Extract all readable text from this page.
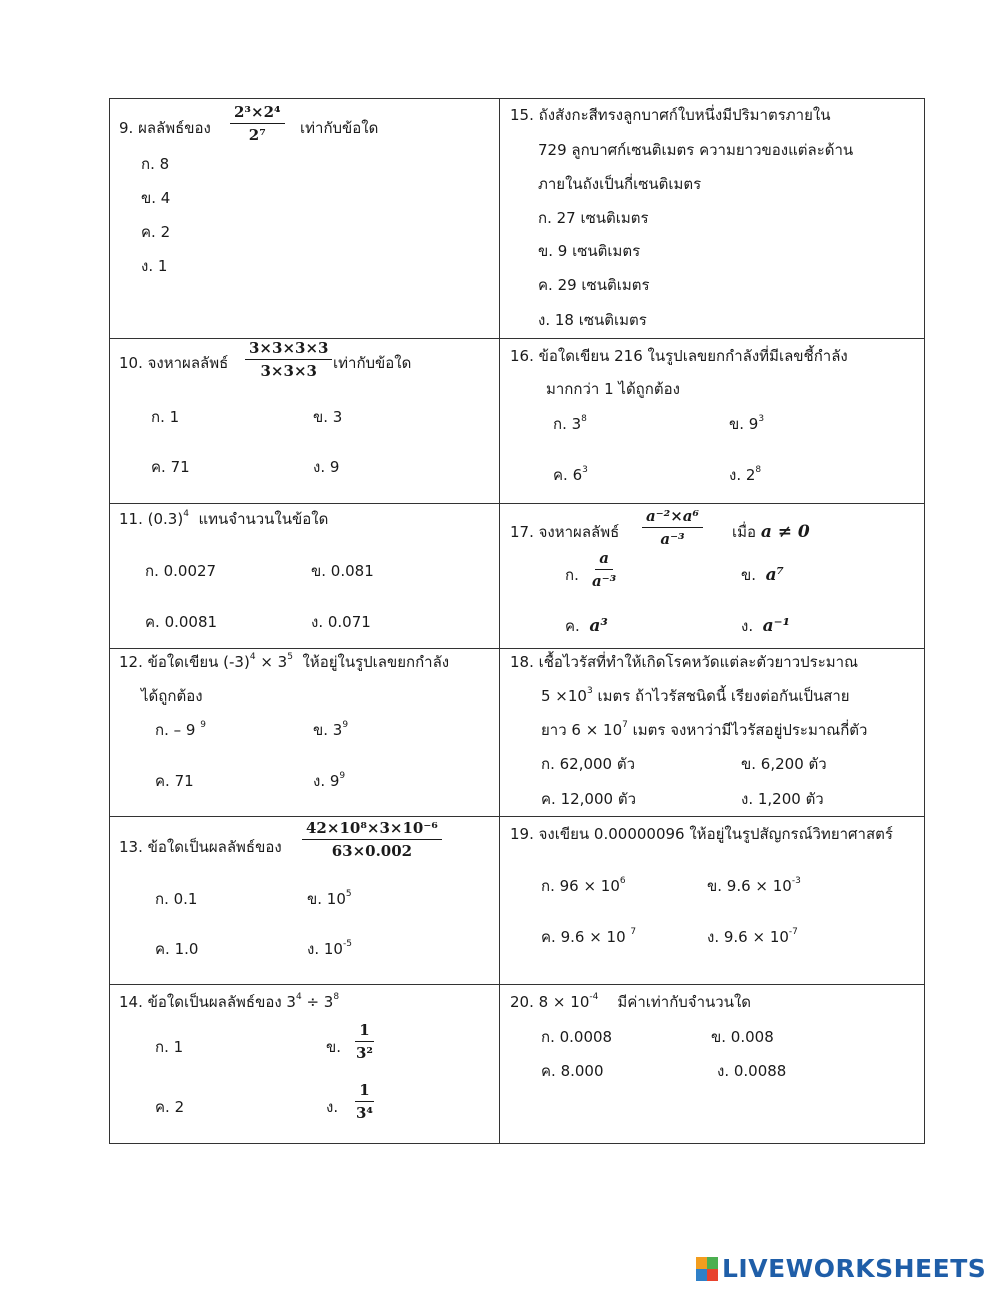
9. ผลลัพธ์ของ $\frac{\text{2³×2⁴}}{\text{2⁷}}$ เท่ากับข้อใด
ก. 8
ข. 4
ค. 2
ง. 1
15. ถังสังกะสีทรงลูกบาศก์ใบหนึ่งมีปริมาตรภายใน
729 ลูกบาศก์เซนติเมตร ความยาวของแต่ละด้าน
ภายในถังเป็นกี่เซนติเมตร
ก. 27 เซนติเมตร
ข. 9 เซนติเมตร
ค. 29 เซนติเมตร
ง. 18 เซนติเมตร
10. จงหาผลลัพธ์ $\frac{3\times 3\times 3\times 3}{3\times 3\times 3}$ เท่ากับข้อใด
ก. 1	ข. 3
ค. 71	ง. 9
16. ข้อใดเขียน 216 ในรูปเลขยกกำลังที่มีเลขชี้กำลัง
มากกว่า 1 ได้ถูกต้อง
ก. $3^8$	ข. $9^3$
ค. $6^3$	ง. $2^8$
11. $(0.3)^4$ แทนจำนวนในข้อใด
ก. 0.0027	ข. 0.081
ค. 0.0081	ง. 0.071
17. จงหาผลลัพธ์ $\frac{\text{a⁻²×a⁶}}{\text{a⁻³}}$ เมื่อ a ≠ 0
ก. $\frac{a}{\text{a⁻³}}$	ข. a⁷
ค. a³	ง. a⁻¹
12. ข้อใดเขียน $(-3)^4 \times 3^5$ ให้อยู่ในรูปเลขยกกำลัง
ได้ถูกต้อง
ก. – 9 $^9$	ข. $3^9$
ค. 71	ง. $9^9$
18. เชื้อไวรัสที่ทำให้เกิดโรคหวัดแต่ละตัวยาวประมาณ
$5 \times 10^3$ เมตร ถ้าไวรัสชนิดนี้ เรียงต่อกันเป็นสาย
ยาว $6 \times 10^7$ เมตร จงหาว่ามีไวรัสอยู่ประมาณกี่ตัว
ก. 62,000 ตัว	ข. 6,200 ตัว
ค. 12,000 ตัว	ง. 1,200 ตัว
13. ข้อใดเป็นผลลัพธ์ของ $\frac{\text{42×10⁸×3×10⁻⁶}}{63\times 0.002}$
ก. 0.1	ข. $10^5$
ค. 1.0	ง. $10^{-5}$
19. จงเขียน 0.00000096 ให้อยู่ในรูปสัญกรณ์วิทยาศาสตร์
ก. $96 \times 10^6$	ข. $9.6 \times 10^{-3}$
ค. 9.6 × 10 $^7$	ง. $9.6 \times 10^{-7}$
14. ข้อใดเป็นผลลัพธ์ของ $3^4 \div 3^8$
ก. 1	ข. $\frac{1}{\text{3²}}$
ค. 2	ง. $\frac{1}{\text{3⁴}}$
20. $8 \times 10^{-4}$ มีค่าเท่ากับจำนวนใด
ก. 0.0008	ข. 0.008
ค. 8.000	ง. 0.0088
LIVEWORKSHEETS
